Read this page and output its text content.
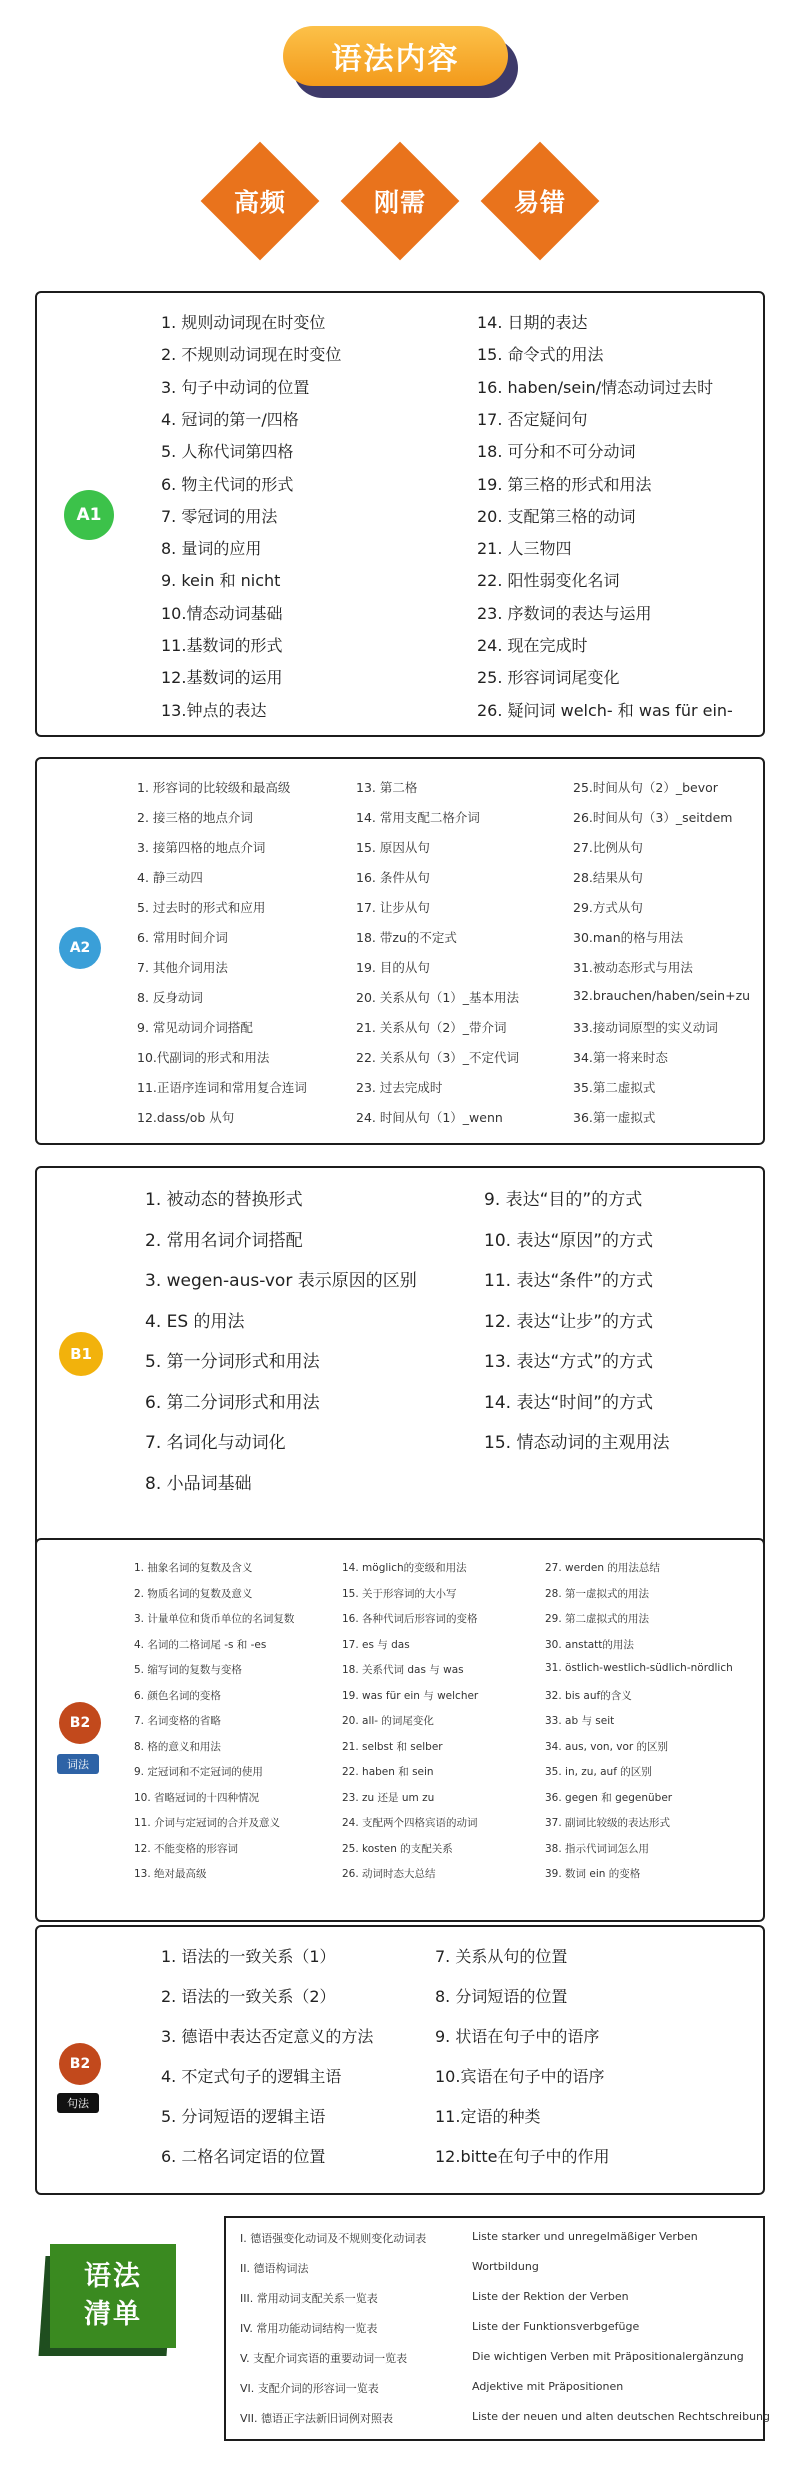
语法内容
高频	刚需	易错
A1
1. 规则动词现在时变位
2. 不规则动词现在时变位
3. 句子中动词的位置
4. 冠词的第一/四格
5. 人称代词第四格
6. 物主代词的形式
7. 零冠词的用法
8. 量词的应用
9. kein 和 nicht
10.情态动词基础
11.基数词的形式
12.基数词的运用
13.钟点的表达
14. 日期的表达
15. 命令式的用法
16. haben/sein/情态动词过去时
17. 否定疑问句
18. 可分和不可分动词
19. 第三格的形式和用法
20. 支配第三格的动词
21. 人三物四
22. 阳性弱变化名词
23. 序数词的表达与运用
24. 现在完成时
25. 形容词词尾变化
26. 疑问词 welch- 和 was für ein-
A2
1. 形容词的比较级和最高级
2. 接三格的地点介词
3. 接第四格的地点介词
4. 静三动四
5. 过去时的形式和应用
6. 常用时间介词
7. 其他介词用法
8. 反身动词
9. 常见动词介词搭配
10.代副词的形式和用法
11.正语序连词和常用复合连词
12.dass/ob 从句
13. 第二格
14. 常用支配二格介词
15. 原因从句
16. 条件从句
17. 让步从句
18. 带zu的不定式
19. 目的从句
20. 关系从句（1）_基本用法
21. 关系从句（2）_带介词
22. 关系从句（3）_不定代词
23. 过去完成时
24. 时间从句（1）_wenn
25.时间从句（2）_bevor
26.时间从句（3）_seitdem
27.比例从句
28.结果从句
29.方式从句
30.man的格与用法
31.被动态形式与用法
32.brauchen/haben/sein+zu
33.接动词原型的实义动词
34.第一将来时态
35.第二虚拟式
36.第一虚拟式
B1
1. 被动态的替换形式
2. 常用名词介词搭配
3. wegen-aus-vor 表示原因的区别
4. ES 的用法
5. 第一分词形式和用法
6. 第二分词形式和用法
7. 名词化与动词化
8. 小品词基础
9. 表达“目的”的方式
10. 表达“原因”的方式
11. 表达“条件”的方式
12. 表达“让步”的方式
13. 表达“方式”的方式
14. 表达“时间”的方式
15. 情态动词的主观用法
B2
词法
1. 抽象名词的复数及含义
2. 物质名词的复数及意义
3. 计量单位和货币单位的名词复数
4. 名词的二格词尾 -s 和 -es
5. 缩写词的复数与变格
6. 颜色名词的变格
7. 名词变格的省略
8. 格的意义和用法
9. 定冠词和不定冠词的使用
10. 省略冠词的十四种情况
11. 介词与定冠词的合并及意义
12. 不能变格的形容词
13. 绝对最高级
14. möglich的变级和用法
15. 关于形容词的大小写
16. 各种代词后形容词的变格
17. es 与 das
18. 关系代词 das 与 was
19. was für ein 与 welcher
20. all- 的词尾变化
21. selbst 和 selber
22. haben 和 sein
23. zu 还是 um zu
24. 支配两个四格宾语的动词
25. kosten 的支配关系
26. 动词时态大总结
27. werden 的用法总结
28. 第一虚拟式的用法
29. 第二虚拟式的用法
30. anstatt的用法
31. östlich-westlich-südlich-nördlich
32. bis auf的含义
33. ab 与 seit
34. aus, von, vor 的区别
35. in, zu, auf 的区别
36. gegen 和 gegenüber
37. 副词比较级的表达形式
38. 指示代词词怎么用
39. 数词 ein 的变格
B2
句法
1. 语法的一致关系（1）
2. 语法的一致关系（2）
3. 德语中表达否定意义的方法
4. 不定式句子的逻辑主语
5. 分词短语的逻辑主语
6. 二格名词定语的位置
7. 关系从句的位置
8. 分词短语的位置
9. 状语在句子中的语序
10.宾语在句子中的语序
11.定语的种类
12.bitte在句子中的作用
语法
清单
I. 德语强变化动词及不规则变化动词表	Liste starker und unregelmäßiger Verben
II. 德语构词法	Wortbildung
III. 常用动词支配关系一览表	Liste der Rektion der Verben
IV. 常用功能动词结构一览表	Liste der Funktionsverbgefüge
V. 支配介词宾语的重要动词一览表	Die wichtigen Verben mit Präpositionalergänzung
VI. 支配介词的形容词一览表	Adjektive mit Präpositionen
VII. 德语正字法新旧词例对照表	Liste der neuen und alten deutschen Rechtschreibung
